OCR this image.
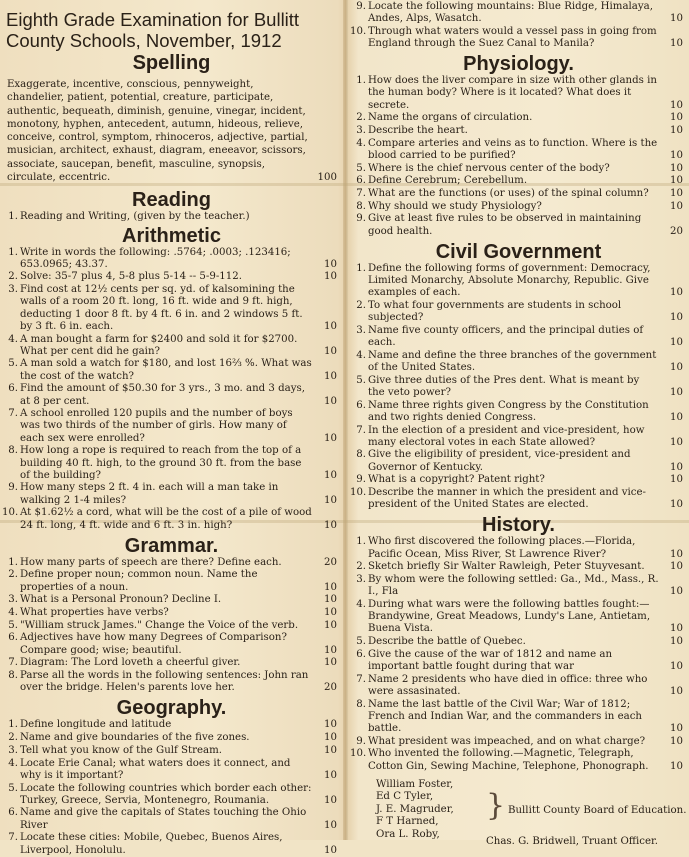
Eighth Grade Examination for Bullitt County Schools, November, 1912
Spelling
Exaggerate, incentive, conscious, pennyweight, chandelier, patient, potential, creature, participate, authentic, bequeath, diminish, genuine, vinegar, incident, monotony, hyphen, antecedent, autumn, hideous, relieve, conceive, control, symptom, rhinoceros, adjective, partial, musician, architect, exhaust, diagram, eneeavor, scissors, associate, saucepan, benefit, masculine, synopsis, circulate, eccentric.	100
Reading
1. Reading and Writing, (given by the teacher.)
Arithmetic
1. Write in words the following: .5764; .0003; .123416; 653.0965; 43.37.	10
2. Solve: 35-7 plus 4, 5-8 plus 5-14 -- 5-9-112.	10
3. Find cost at 12½ cents per sq. yd. of kalsomining the walls of a room 20 ft. long, 16 ft. wide and 9 ft. high, deducting 1 door 8 ft. by 4 ft. 6 in. and 2 windows 5 ft. by 3 ft. 6 in. each.	10
4. A man bought a farm for $2400 and sold it for $2700. What per cent did he gain?	10
5. A man sold a watch for $180, and lost 16⅔ %. What was the cost of the watch?	10
6. Find the amount of $50.30 for 3 yrs., 3 mo. and 3 days, at 8 per cent.	10
7. A school enrolled 120 pupils and the number of boys was two thirds of the number of girls. How many of each sex were enrolled?	10
8. How long a rope is required to reach from the top of a building 40 ft. high, to the ground 30 ft. from the base of the building?	10
9. How many steps 2 ft. 4 in. each will a man take in walking 2 1-4 miles?	10
10. At $1.62½ a cord, what will be the cost of a pile of wood 24 ft. long, 4 ft. wide and 6 ft. 3 in. high?	10
Grammar.
1. How many parts of speech are there? Define each.	20
2. Define proper noun; common noun. Name the properties of a noun.	10
3. What is a Personal Pronoun? Decline I.	10
4. What properties have verbs?	10
5. "William struck James." Change the Voice of the verb.	10
6. Adjectives have how many Degrees of Comparison? Compare good; wise; beautiful.	10
7. Diagram: The Lord loveth a cheerful giver.	10
8. Parse all the words in the following sentences: John ran over the bridge. Helen's parents love her.	20
Geography.
1. Define longitude and latitude	10
2. Name and give boundaries of the five zones.	10
3. Tell what you know of the Gulf Stream.	10
4. Locate Erie Canal; what waters does it connect, and why is it important?	10
5. Locate the following countries which border each other: Turkey, Greece, Servia, Montenegro, Roumania.	10
6. Name and give the capitals of States touching the Ohio River	10
7. Locate these cities: Mobile, Quebec, Buenos Aires, Liverpool, Honolulu.	10
9. Locate the following mountains: Blue Ridge, Himalaya, Andes, Alps, Wasatch.	10
10. Through what waters would a vessel pass in going from England through the Suez Canal to Manila?	10
Physiology.
1. How does the liver compare in size with other glands in the human body? Where is it located? What does it secrete.	10
2. Name the organs of circulation.	10
3. Describe the heart.	10
4. Compare arteries and veins as to function. Where is the blood carried to be purified?	10
5. Where is the chief nervous center of the body?	10
6. Define Cerebrum; Cerebellum.	10
7. What are the functions (or uses) of the spinal column?	10
8. Why should we study Physiology?	10
9. Give at least five rules to be observed in maintaining good health.	20
Civil Government
1. Define the following forms of government: Democracy, Limited Monarchy, Absolute Monarchy, Republic. Give examples of each.	10
2. To what four governments are students in school subjected?	10
3. Name five county officers, and the principal duties of each.	10
4. Name and define the three branches of the government of the United States.	10
5. Give three duties of the Pres dent. What is meant by the veto power?	10
6. Name three rights given Congress by the Constitution and two rights denied Congress.	10
7. In the election of a president and vice-president, how many electoral votes in each State allowed?	10
8. Give the eligibility of president, vice-president and Governor of Kentucky.	10
9. What is a copyright? Patent right?	10
10. Describe the manner in which the president and vice-president of the United States are elected.	10
History.
1. Who first discovered the following places.—Florida, Pacific Ocean, Miss River, St Lawrence River?	10
2. Sketch briefly Sir Walter Rawleigh, Peter Stuyvesant.	10
3. By whom were the following settled: Ga., Md., Mass., R. I., Fla	10
4. During what wars were the following battles fought:—Brandywine, Great Meadows, Lundy's Lane, Antietam, Buena Vista.	10
5. Describe the battle of Quebec.	10
6. Give the cause of the war of 1812 and name an important battle fought during that war	10
7. Name 2 presidents who have died in office: three who were assasinated.	10
8. Name the last battle of the Civil War; War of 1812; French and Indian War, and the commanders in each battle.	10
9. What president was impeached, and on what charge?	10
10. Who invented the following.—Magnetic, Telegraph, Cotton Gin, Sewing Machine, Telephone, Phonograph.	10
William Foster,
Ed C Tyler,
J. E. Magruder,
F T Harned,
Ora L. Roby,
} Bullitt County Board of Education.
Chas. G. Bridwell, Truant Officer.
